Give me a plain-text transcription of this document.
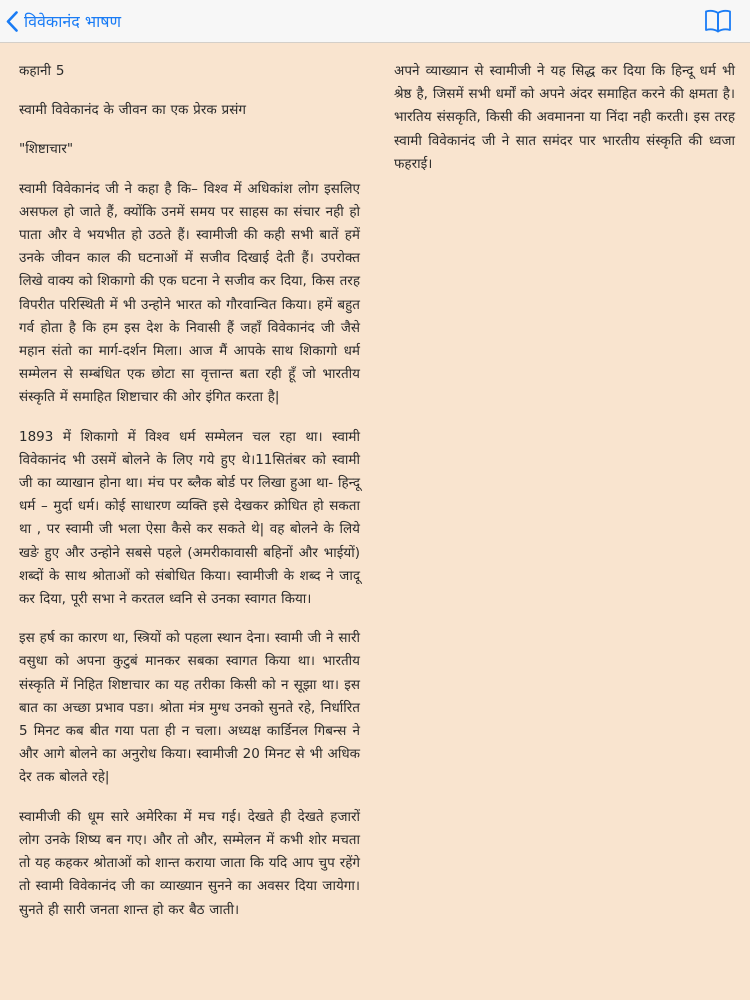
विवेकानंद भाषण

कहानी 5

स्वामी विवेकानंद के जीवन का एक प्रेरक प्रसंग

"शिष्टाचार"

स्वामी विवेकानंद जी ने कहा है कि– विश्व में अधिकांश लोग इसलिए असफल हो जाते हैं, क्योंकि उनमें समय पर साहस का संचार नही हो पाता और वे भयभीत हो उठते हैं। स्वामीजी की कही सभी बातें हमें उनके जीवन काल की घटनाओं में सजीव दिखाई देती हैं। उपरोक्त लिखे वाक्य को शिकागो की एक घटना ने सजीव कर दिया, किस तरह विपरीत परिस्थिती में भी उन्होने भारत को गौरवान्वित किया। हमें बहुत गर्व होता है कि हम इस देश के निवासी हैं जहाँ विवेकानंद जी जैसे महान संतो का मार्ग-दर्शन मिला। आज मैं आपके साथ शिकागो धर्म सम्मेलन से सम्बंधित एक छोटा सा वृत्तान्त बता रही हूँ जो भारतीय संस्कृति में समाहित शिष्टाचार की ओर इंगित करता है|

1893 में शिकागो में विश्व धर्म सम्मेलन चल रहा था। स्वामी विवेकानंद भी उसमें बोलने के लिए गये हुए थे।11सितंबर को स्वामी जी का व्याखान होना था। मंच पर ब्लैक बोर्ड पर लिखा हुआ था- हिन्दू धर्म – मुर्दा धर्म। कोई साधारण व्यक्ति इसे देखकर क्रोधित हो सकता था , पर स्वामी जी भला ऐसा कैसे कर सकते थे| वह बोलने के लिये खङे हुए और उन्होने सबसे पहले (अमरीकावासी बहिनों और भाईयों) शब्दों के साथ श्रोताओं को संबोधित किया। स्वामीजी के शब्द ने जादू कर दिया, पूरी सभा ने करतल ध्वनि से उनका स्वागत किया।

इस हर्ष का कारण था, स्त्रियों को पहला स्थान देना। स्वामी जी ने सारी वसुधा को अपना कुटुबं मानकर सबका स्वागत किया था। भारतीय संस्कृति में निहित शिष्टाचार का यह तरीका किसी को न सूझा था। इस बात का अच्छा प्रभाव पङा। श्रोता मंत्र मुग्ध उनको सुनते रहे, निर्धारित 5 मिनट कब बीत गया पता ही न चला। अध्यक्ष कार्डिनल गिबन्स ने और आगे बोलने का अनुरोध किया। स्वामीजी 20 मिनट से भी अधिक देर तक बोलते रहे|

स्वामीजी की धूम सारे अमेरिका में मच गई। देखते ही देखते हजारों लोग उनके शिष्य बन गए। और तो और, सम्मेलन में कभी शोर मचता तो यह कहकर श्रोताओं को शान्त कराया जाता कि यदि आप चुप रहेंगे तो स्वामी विवेकानंद जी का व्याख्यान सुनने का अवसर दिया जायेगा। सुनते ही सारी जनता शान्त हो कर बैठ जाती।

अपने व्याख्यान से स्वामीजी ने यह सिद्ध कर दिया कि हिन्दू धर्म भी श्रेष्ठ है, जिसमें सभी धर्मों को अपने अंदर समाहित करने की क्षमता है। भारतिय संसकृति, किसी की अवमानना या निंदा नही करती। इस तरह स्वामी विवेकानंद जी ने सात समंदर पार भारतीय संस्कृति की ध्वजा फहराई।
